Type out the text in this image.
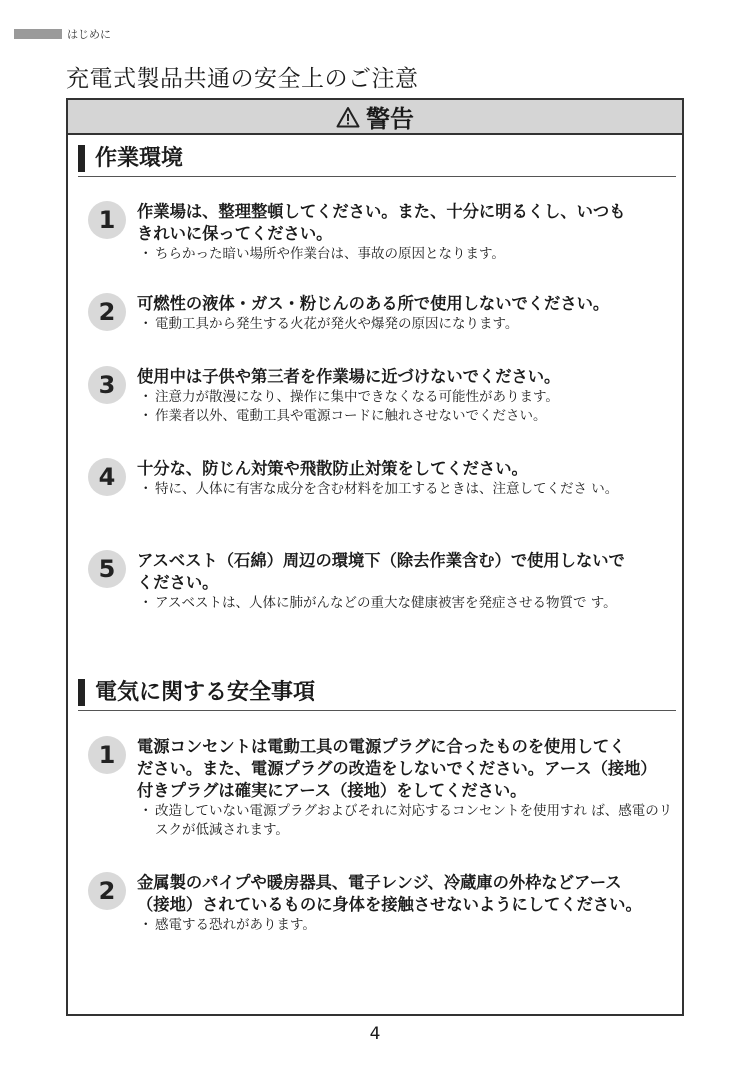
はじめに
充電式製品共通の安全上のご注意
警告
作業環境
1	作業場は、整理整頓してください。また、十分に明るくし、いつも

きれいに保ってください。

・ ちらかった暗い場所や作業台は、事故の原因となります。

2	可燃性の液体・ガス・粉じんのある所で使用しないでください。

・ 電動工具から発生する火花が発火や爆発の原因になります。

3	使用中は子供や第三者を作業場に近づけないでください。

・ 注意力が散漫になり、操作に集中できなくなる可能性があります。

・ 作業者以外、電動工具や電源コードに触れさせないでください。

4	十分な、防じん対策や飛散防止対策をしてください。

・ 特に、人体に有害な成分を含む材料を加工するときは、注意してくださ い。

5	アスベスト（石綿）周辺の環境下（除去作業含む）で使用しないで

ください。

・ アスベストは、人体に肺がんなどの重大な健康被害を発症させる物質で す。

電気に関する安全事項
1	電源コンセントは電動工具の電源プラグに合ったものを使用してく

ださい。また、電源プラグの改造をしないでください。アース（接地）

付きプラグは確実にアース（接地）をしてください。

・ 改造していない電源プラグおよびそれに対応するコンセントを使用すれ ば、感電のリスクが低減されます。

2	金属製のパイプや暖房器具、電子レンジ、冷蔵庫の外枠などアース

（接地）されているものに身体を接触させないようにしてください。

・ 感電する恐れがあります。

4
